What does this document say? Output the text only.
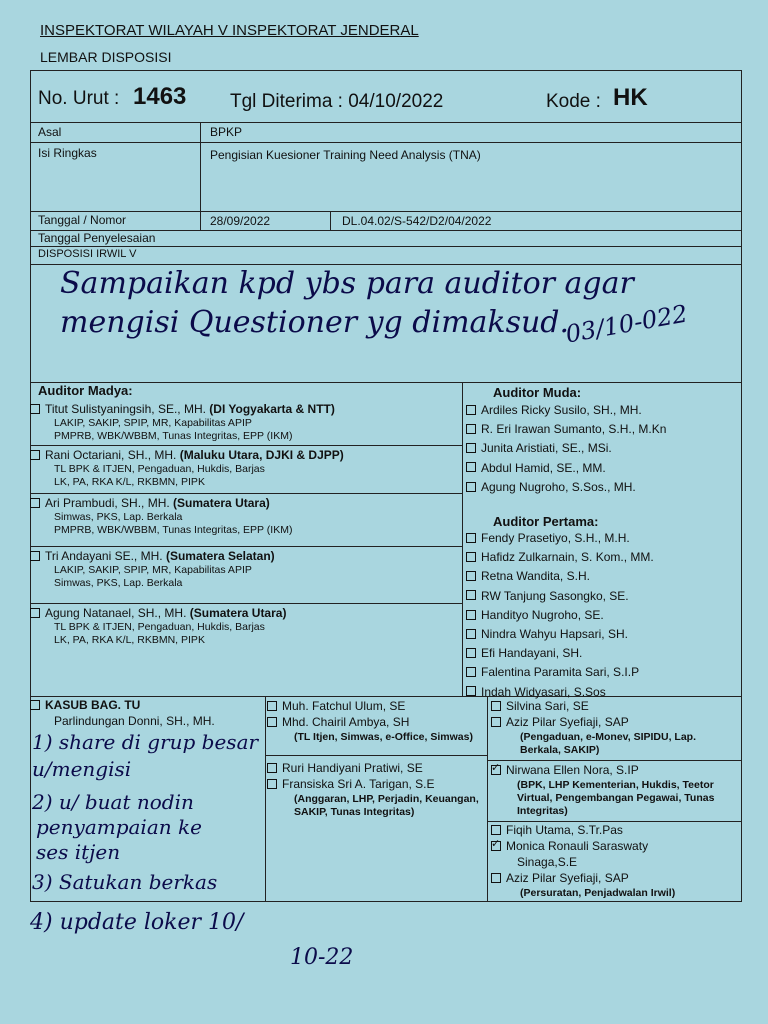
INSPEKTORAT WILAYAH V INSPEKTORAT JENDERAL
LEMBAR DISPOSISI
No. Urut : 1463 Tgl Diterima : 04/10/2022	Kode : HK
Asal	BPKP
Isi Ringkas	Pengisian Kuesioner Training Need Analysis (TNA)
Tanggal / Nomor	28/09/2022	DL.04.02/S-542/D2/04/2022
Tanggal Penyelesaian
DISPOSISI IRWIL V
Sampaikan kpd ybs para auditor agar
mengisi Questioner yg dimaksud.
03/10-022
Auditor Madya:
Titut Sulistyaningsih, SE., MH. (DI Yogyakarta & NTT)
LAKIP, SAKIP, SPIP, MR, Kapabilitas APIP
PMPRB, WBK/WBBM, Tunas Integritas, EPP (IKM)
Rani Octariani, SH., MH. (Maluku Utara, DJKI & DJPP)
TL BPK & ITJEN, Pengaduan, Hukdis, Barjas
LK, PA, RKA K/L, RKBMN, PIPK
Ari Prambudi, SH., MH. (Sumatera Utara)
Simwas, PKS, Lap. Berkala
PMPRB, WBK/WBBM, Tunas Integritas, EPP (IKM)
Tri Andayani SE., MH. (Sumatera Selatan)
LAKIP, SAKIP, SPIP, MR, Kapabilitas APIP
Simwas, PKS, Lap. Berkala
Agung Natanael, SH., MH. (Sumatera Utara)
TL BPK & ITJEN, Pengaduan, Hukdis, Barjas
LK, PA, RKA K/L, RKBMN, PIPK
Auditor Muda:
Ardiles Ricky Susilo, SH., MH.
R. Eri Irawan Sumanto, S.H., M.Kn
Junita Aristiati, SE., MSi.
Abdul Hamid, SE., MM.
Agung Nugroho, S.Sos., MH.
Auditor Pertama:
Fendy Prasetiyo, S.H., M.H.
Hafidz Zulkarnain, S. Kom., MM.
Retna Wandita, S.H.
RW Tanjung Sasongko, SE.
Handityo Nugroho, SE.
Nindra Wahyu Hapsari, SH.
Efi Handayani, SH.
Falentina Paramita Sari, S.I.P
Indah Widyasari, S.Sos
KASUB BAG. TU
Parlindungan Donni, SH., MH.
1) share di grup besar
u/mengisi
2) u/ buat nodin
penyampaian ke
ses itjen
3) Satukan berkas
4) update loker 10/
10-22
Muh. Fatchul Ulum, SE
Mhd. Chairil Ambya, SH
(TL Itjen, Simwas, e-Office, Simwas)
Ruri Handiyani Pratiwi, SE
Fransiska Sri A. Tarigan, S.E
(Anggaran, LHP, Perjadin, Keuangan, SAKIP, Tunas Integritas)
Silvina Sari, SE
Aziz Pilar Syefiaji, SAP
(Pengaduan, e-Monev, SIPIDU, Lap. Berkala, SAKIP)
✓Nirwana Ellen Nora, S.IP
(BPK, LHP Kementerian, Hukdis, Teetor Virtual, Pengembangan Pegawai, Tunas Integritas)
Fiqih Utama, S.Tr.Pas
✓Monica Ronauli Saraswaty
Sinaga,S.E
Aziz Pilar Syefiaji, SAP
(Persuratan, Penjadwalan Irwil)
